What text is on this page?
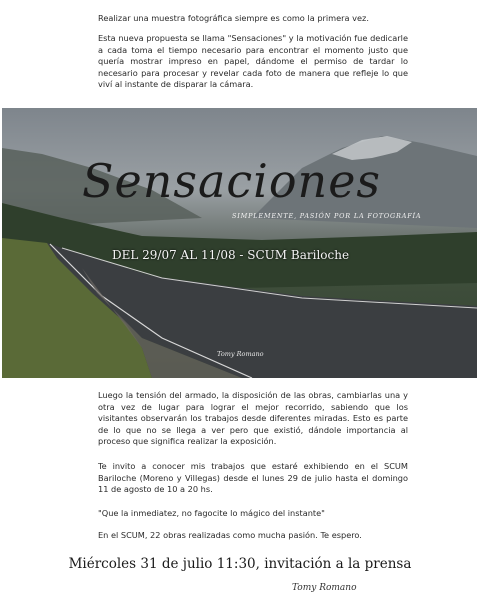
Realizar una muestra fotográfica siempre es como la primera vez.

Esta nueva propuesta se llama "Sensaciones" y la motivación fue dedicarle a cada toma el tiempo necesario para encontrar el momento justo que quería mostrar impreso en papel, dándome el permiso de tardar lo necesario para procesar y revelar cada foto de manera que refleje lo que viví al instante de disparar la cámara.

Sensaciones
SIMPLEMENTE, PASIÓN POR LA FOTOGRAFÍA
DEL 29/07 AL 11/08 - SCUM Bariloche
Tomy Romano

Luego la tensión del armado, la disposición de las obras, cambiarlas una y otra vez de lugar para lograr el mejor recorrido, sabiendo que los visitantes observarán los trabajos desde diferentes miradas. Esto es parte de lo que no se llega a ver pero que existió, dándole importancia al proceso que significa realizar la exposición.

Te invito a conocer mis trabajos que estaré exhibiendo en el SCUM Bariloche (Moreno y Villegas) desde el lunes 29 de julio hasta el domingo 11 de agosto de 10 a 20 hs.

"Que la inmediatez, no fagocite lo mágico del instante"

En el SCUM, 22 obras realizadas como mucha pasión. Te espero.

Miércoles 31 de julio 11:30, invitación a la prensa
Tomy Romano
